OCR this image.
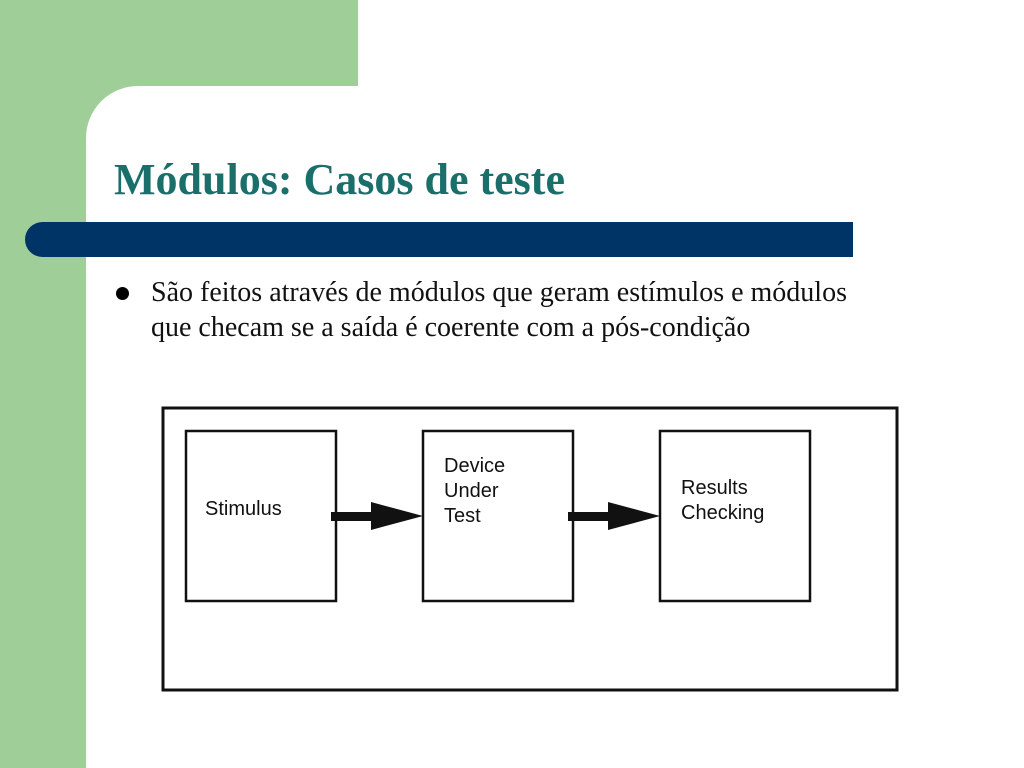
Módulos: Casos de teste

São feitos através de módulos que geram estímulos e módulos que checam se a saída é coerente com a pós-condição

Stimulus
Device
Under
Test
Results
Checking
